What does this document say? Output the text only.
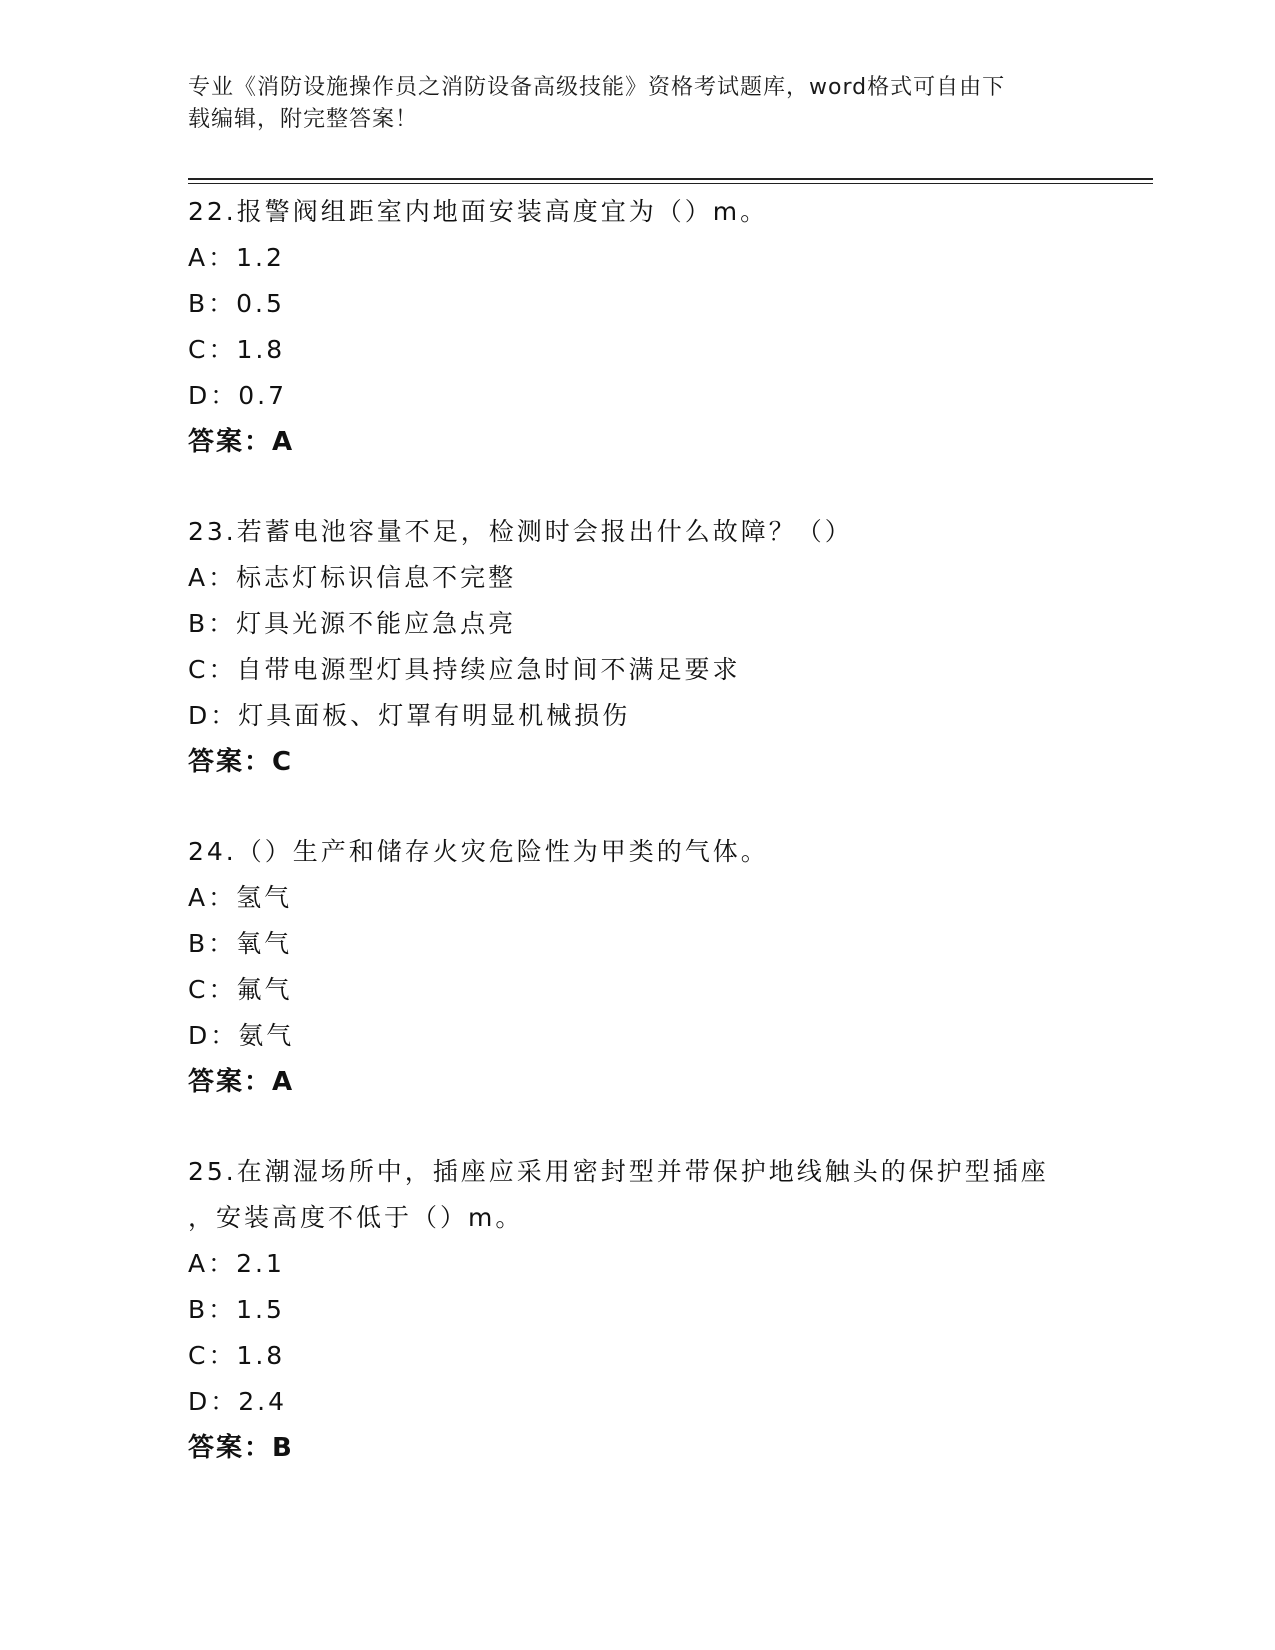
专业《消防设施操作员之消防设备高级技能》资格考试题库，word格式可自由下
载编辑，附完整答案！
22.报警阀组距室内地面安装高度宜为（）m。
A：1.2
B：0.5
C：1.8
D：0.7
答案：A
23.若蓄电池容量不足，检测时会报出什么故障？（）
A：标志灯标识信息不完整
B：灯具光源不能应急点亮
C：自带电源型灯具持续应急时间不满足要求
D：灯具面板、灯罩有明显机械损伤
答案：C
24.（）生产和储存火灾危险性为甲类的气体。
A：氢气
B：氧气
C：氟气
D：氨气
答案：A
25.在潮湿场所中，插座应采用密封型并带保护地线触头的保护型插座
，安装高度不低于（）m。
A：2.1
B：1.5
C：1.8
D：2.4
答案：B
